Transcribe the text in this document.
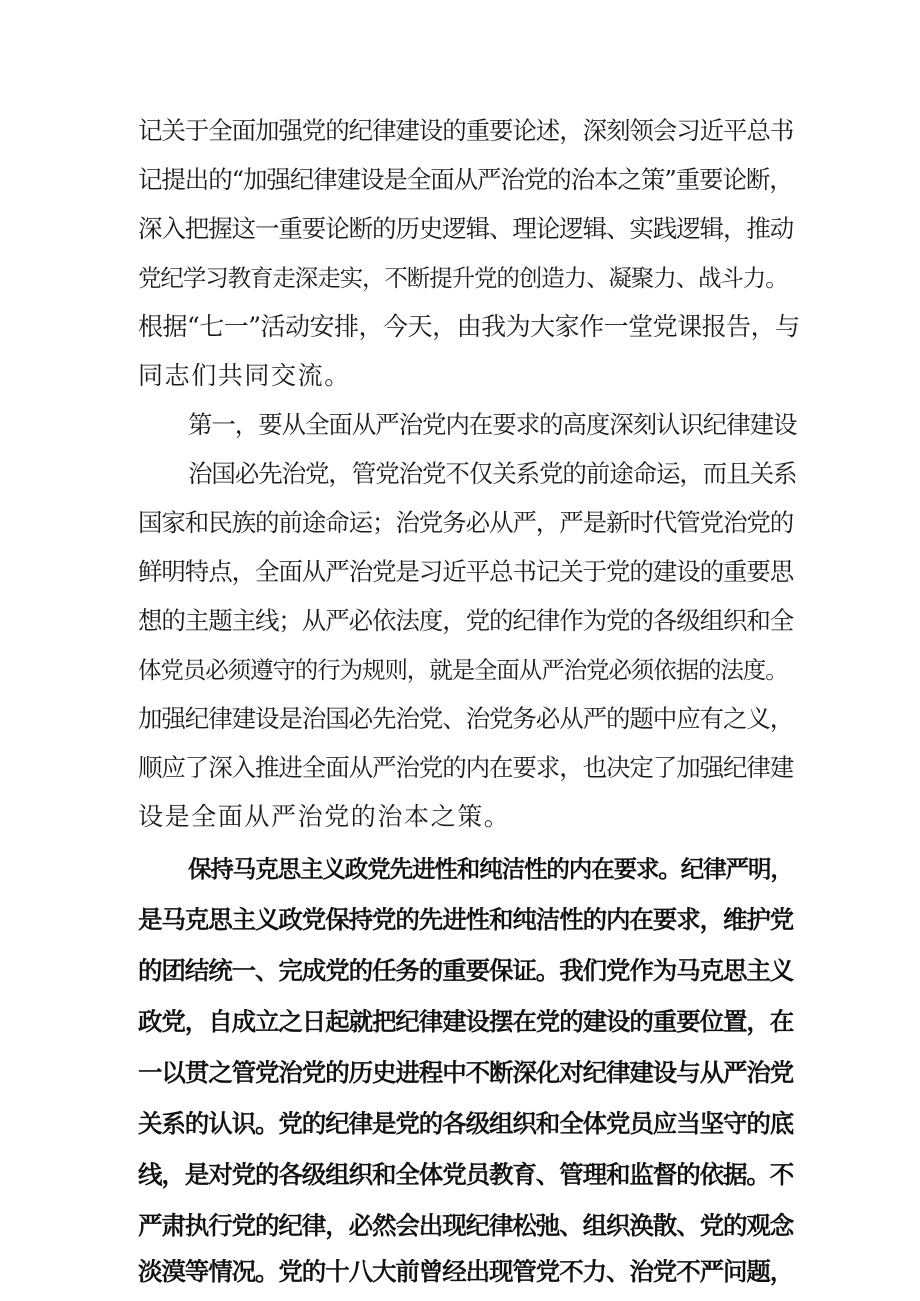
记关于全面加强党的纪律建设的重要论述，深刻领会习近平总书

记提出的“加强纪律建设是全面从严治党的治本之策”重要论断，

深入把握这一重要论断的历史逻辑、理论逻辑、实践逻辑，推动

党纪学习教育走深走实，不断提升党的创造力、凝聚力、战斗力。

根据“七一”活动安排，今天，由我为大家作一堂党课报告，与

同志们共同交流。

第一，要从全面从严治党内在要求的高度深刻认识纪律建设

治国必先治党，管党治党不仅关系党的前途命运，而且关系

国家和民族的前途命运；治党务必从严，严是新时代管党治党的

鲜明特点，全面从严治党是习近平总书记关于党的建设的重要思

想的主题主线；从严必依法度，党的纪律作为党的各级组织和全

体党员必须遵守的行为规则，就是全面从严治党必须依据的法度。

加强纪律建设是治国必先治党、治党务必从严的题中应有之义，

顺应了深入推进全面从严治党的内在要求，也决定了加强纪律建

设是全面从严治党的治本之策。

保持马克思主义政党先进性和纯洁性的内在要求。纪律严明，

是马克思主义政党保持党的先进性和纯洁性的内在要求，维护党

的团结统一、完成党的任务的重要保证。我们党作为马克思主义

政党，自成立之日起就把纪律建设摆在党的建设的重要位置，在

一以贯之管党治党的历史进程中不断深化对纪律建设与从严治党

关系的认识。党的纪律是党的各级组织和全体党员应当坚守的底

线，是对党的各级组织和全体党员教育、管理和监督的依据。不

严肃执行党的纪律，必然会出现纪律松弛、组织涣散、党的观念

淡漠等情况。党的十八大前曾经出现管党不力、治党不严问题，
